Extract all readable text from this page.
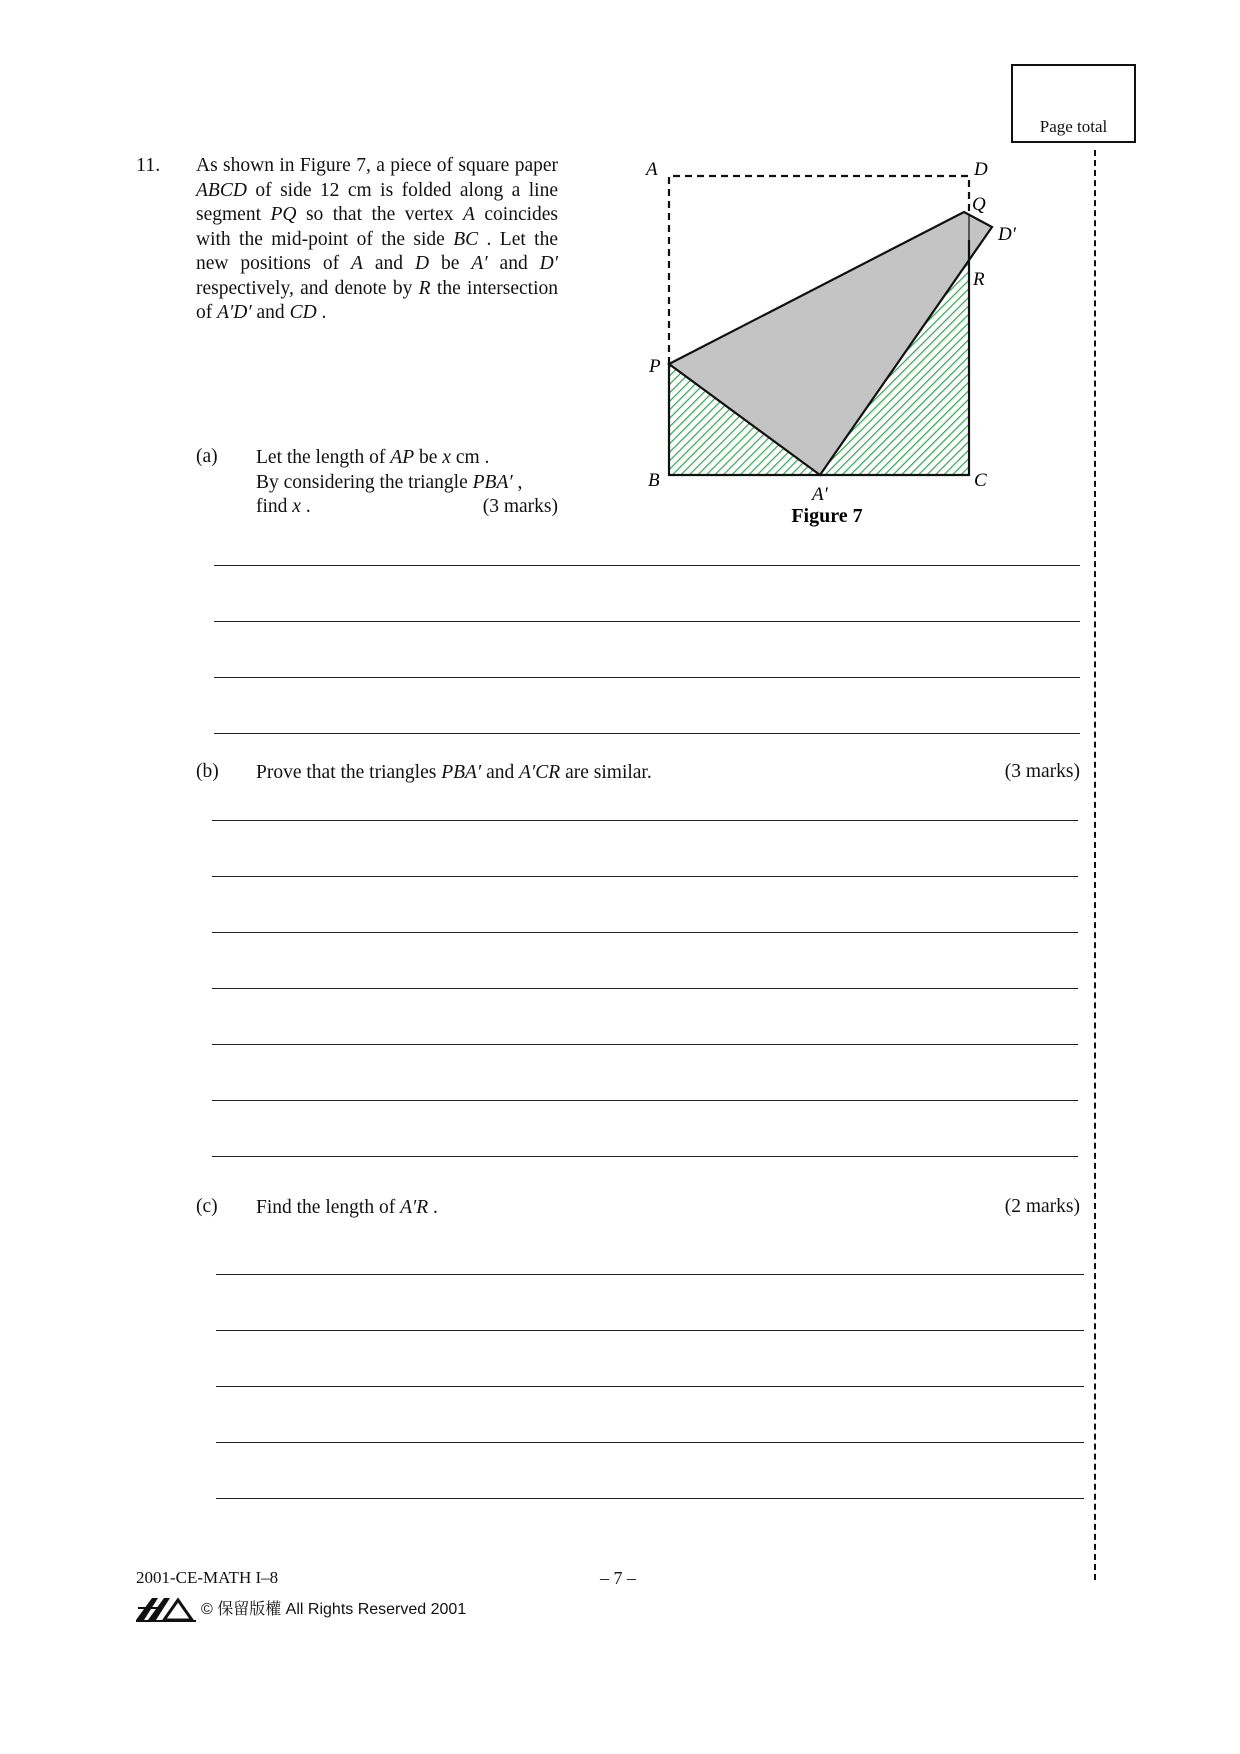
Page total
11. As shown in Figure 7, a piece of square paper ABCD of side 12 cm is folded along a line segment PQ so that the vertex A coincides with the mid-point of the side BC . Let the new positions of A and D be A′ and D′ respectively, and denote by R the intersection of A′D′ and CD .
(a) Let the length of AP be x cm .
By considering the triangle PBA′ ,
find x .	(3 marks)
A	D
Q
D′
R
P
B
A′
C
Figure 7
(b) Prove that the triangles PBA′ and A′CR are similar.	(3 marks)
(c) Find the length of A′R .	(2 marks)
2001-CE-MATH I–8	– 7 –
© 保留版權 All Rights Reserved 2001
